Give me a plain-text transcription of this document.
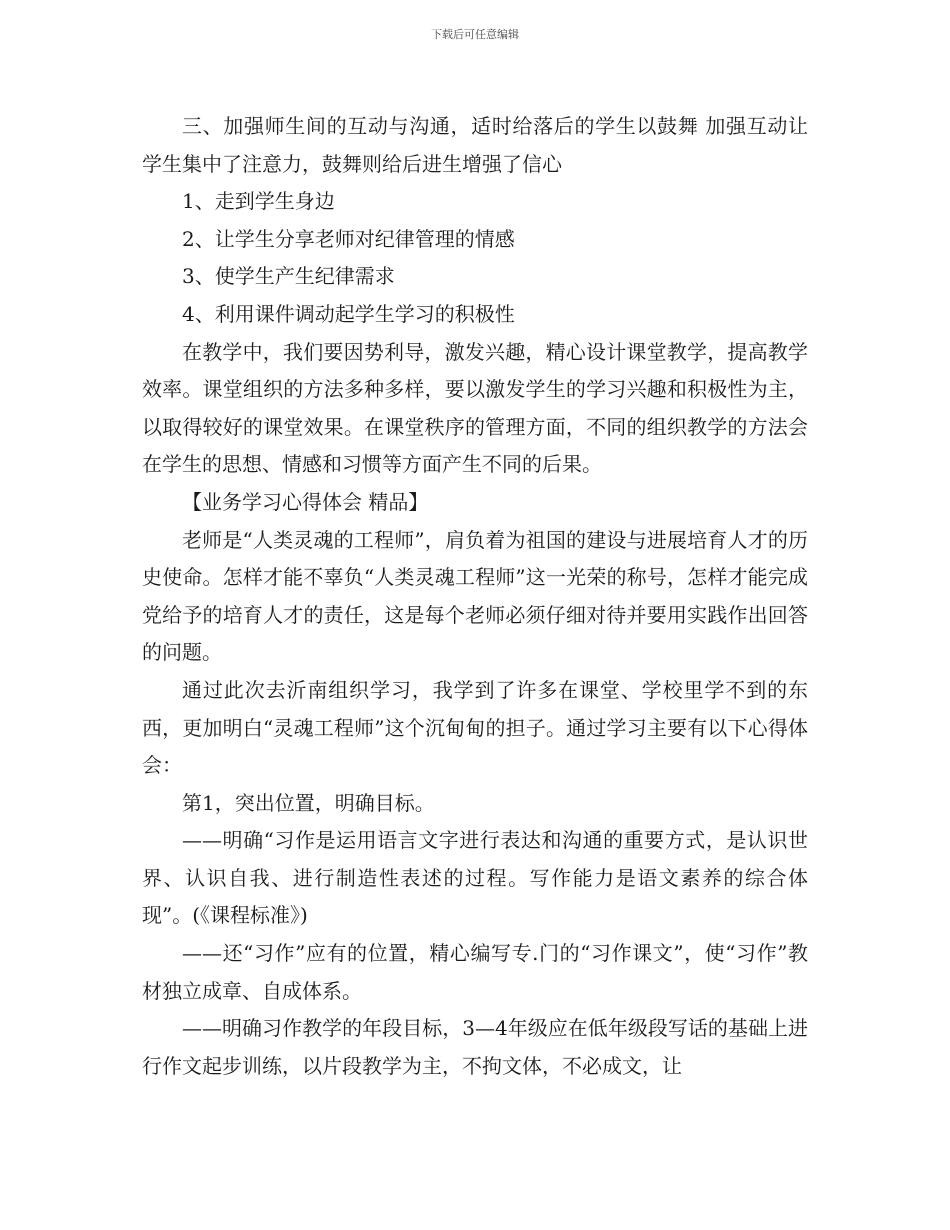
下载后可任意编辑

三、加强师生间的互动与沟通，适时给落后的学生以鼓舞 加强互动让学生集中了注意力，鼓舞则给后进生增强了信心

1、走到学生身边

2、让学生分享老师对纪律管理的情感

3、使学生产生纪律需求

4、利用课件调动起学生学习的积极性

在教学中，我们要因势利导，激发兴趣，精心设计课堂教学，提高教学效率。课堂组织的方法多种多样，要以激发学生的学习兴趣和积极性为主，以取得较好的课堂效果。在课堂秩序的管理方面，不同的组织教学的方法会在学生的思想、情感和习惯等方面产生不同的后果。

【业务学习心得体会 精品】

老师是“人类灵魂的工程师”，肩负着为祖国的建设与进展培育人才的历史使命。怎样才能不辜负“人类灵魂工程师”这一光荣的称号，怎样才能完成党给予的培育人才的责任，这是每个老师必须仔细对待并要用实践作出回答的问题。

通过此次去沂南组织学习，我学到了许多在课堂、学校里学不到的东西，更加明白“灵魂工程师”这个沉甸甸的担子。通过学习主要有以下心得体会：

第1，突出位置，明确目标。

——明确“习作是运用语言文字进行表达和沟通的重要方式，是认识世界、认识自我、进行制造性表述的过程。写作能力是语文素养的综合体现”。(《课程标准》)

——还“习作”应有的位置，精心编写专.门的“习作课文”，使“习作”教材独立成章、自成体系。

——明确习作教学的年段目标，3—4年级应在低年级段写话的基础上进行作文起步训练，以片段教学为主，不拘文体，不必成文，让
